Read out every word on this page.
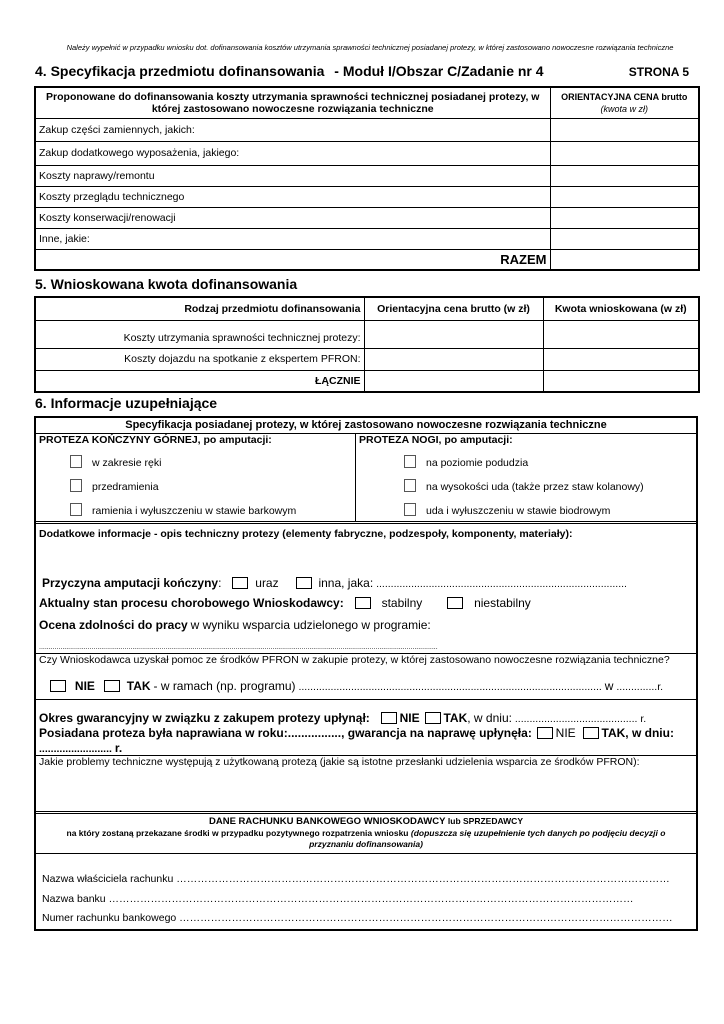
Należy wypełnić w przypadku wniosku dot. dofinansowania kosztów utrzymania sprawności technicznej posiadanej protezy, w której zastosowano nowoczesne rozwiązania techniczne
4. Specyfikacja przedmiotu dofinansowania - Moduł I/Obszar C/Zadanie nr 4	STRONA 5
Proponowane do dofinansowania koszty utrzymania sprawności technicznej posiadanej protezy, w której zastosowano nowoczesne rozwiązania techniczne	ORIENTACYJNA CENA brutto
(kwota w zł)

Zakup części zamiennych, jakich:	
Zakup dodatkowego wyposażenia, jakiego:	
Koszty naprawy/remontu	
Koszty przeglądu technicznego	
Koszty konserwacji/renowacji	
Inne, jakie:	
RAZEM	
5. Wnioskowana kwota dofinansowania
Rodzaj przedmiotu dofinansowania	Orientacyjna cena brutto (w zł)	Kwota wnioskowana (w zł)
Koszty utrzymania sprawności technicznej protezy:		
Koszty dojazdu na spotkanie z ekspertem PFRON:		
ŁĄCZNIE		
6. Informacje uzupełniające
Specyfikacja posiadanej protezy, w której zastosowano nowoczesne rozwiązania techniczne
PROTEZA KOŃCZYNY GÓRNEJ, po amputacji:
w zakresie ręki
przedramienia
ramienia i wyłuszczeniu w stawie barkowym
PROTEZA NOGI, po amputacji:
na poziomie podudzia
na wysokości uda (także przez staw kolanowy)
uda i wyłuszczeniu w stawie biodrowym
Dodatkowe informacje - opis techniczny protezy (elementy fabryczne, podzespoły, komponenty, materiały):
Przyczyna amputacji kończyny:	uraz	inna, jaka: ......................................................................................
Aktualny stan procesu chorobowego Wnioskodawcy:	stabilny	niestabilny
Ocena zdolności do pracy w wyniku wsparcia udzielonego w programie:
.............................................................................................................................................................................................................
Czy Wnioskodawca uzyskał pomoc ze środków PFRON w zakupie protezy, w której zastosowano nowoczesne rozwiązania techniczne?
NIE	TAK - w ramach (np. programu) ........................................................................................................ w ..............r.
Okres gwarancyjny w związku z zakupem protezy upłynął: NIE TAK, w dniu: .......................................... r.
Posiadana proteza była naprawiana w roku:................, gwarancja na naprawę upłynęła: NIE TAK, w dniu:
......................... r.
Jakie problemy techniczne występują z użytkowaną protezą (jakie są istotne przesłanki udzielenia wsparcia ze środków PFRON):
DANE RACHUNKU BANKOWEGO WNIOSKODAWCY lub SPRZEDAWCY
na który zostaną przekazane środki w przypadku pozytywnego rozpatrzenia wniosku (dopuszcza się uzupełnienie tych danych po podjęciu decyzji o przyznaniu dofinansowania)
Nazwa właściciela rachunku ……………………………………………………………………………………………………………………………
Nazwa banku ……………………………………………………………………………………………………………………………………
Numer rachunku bankowego ……………………………………………………………………………………………………………………………
